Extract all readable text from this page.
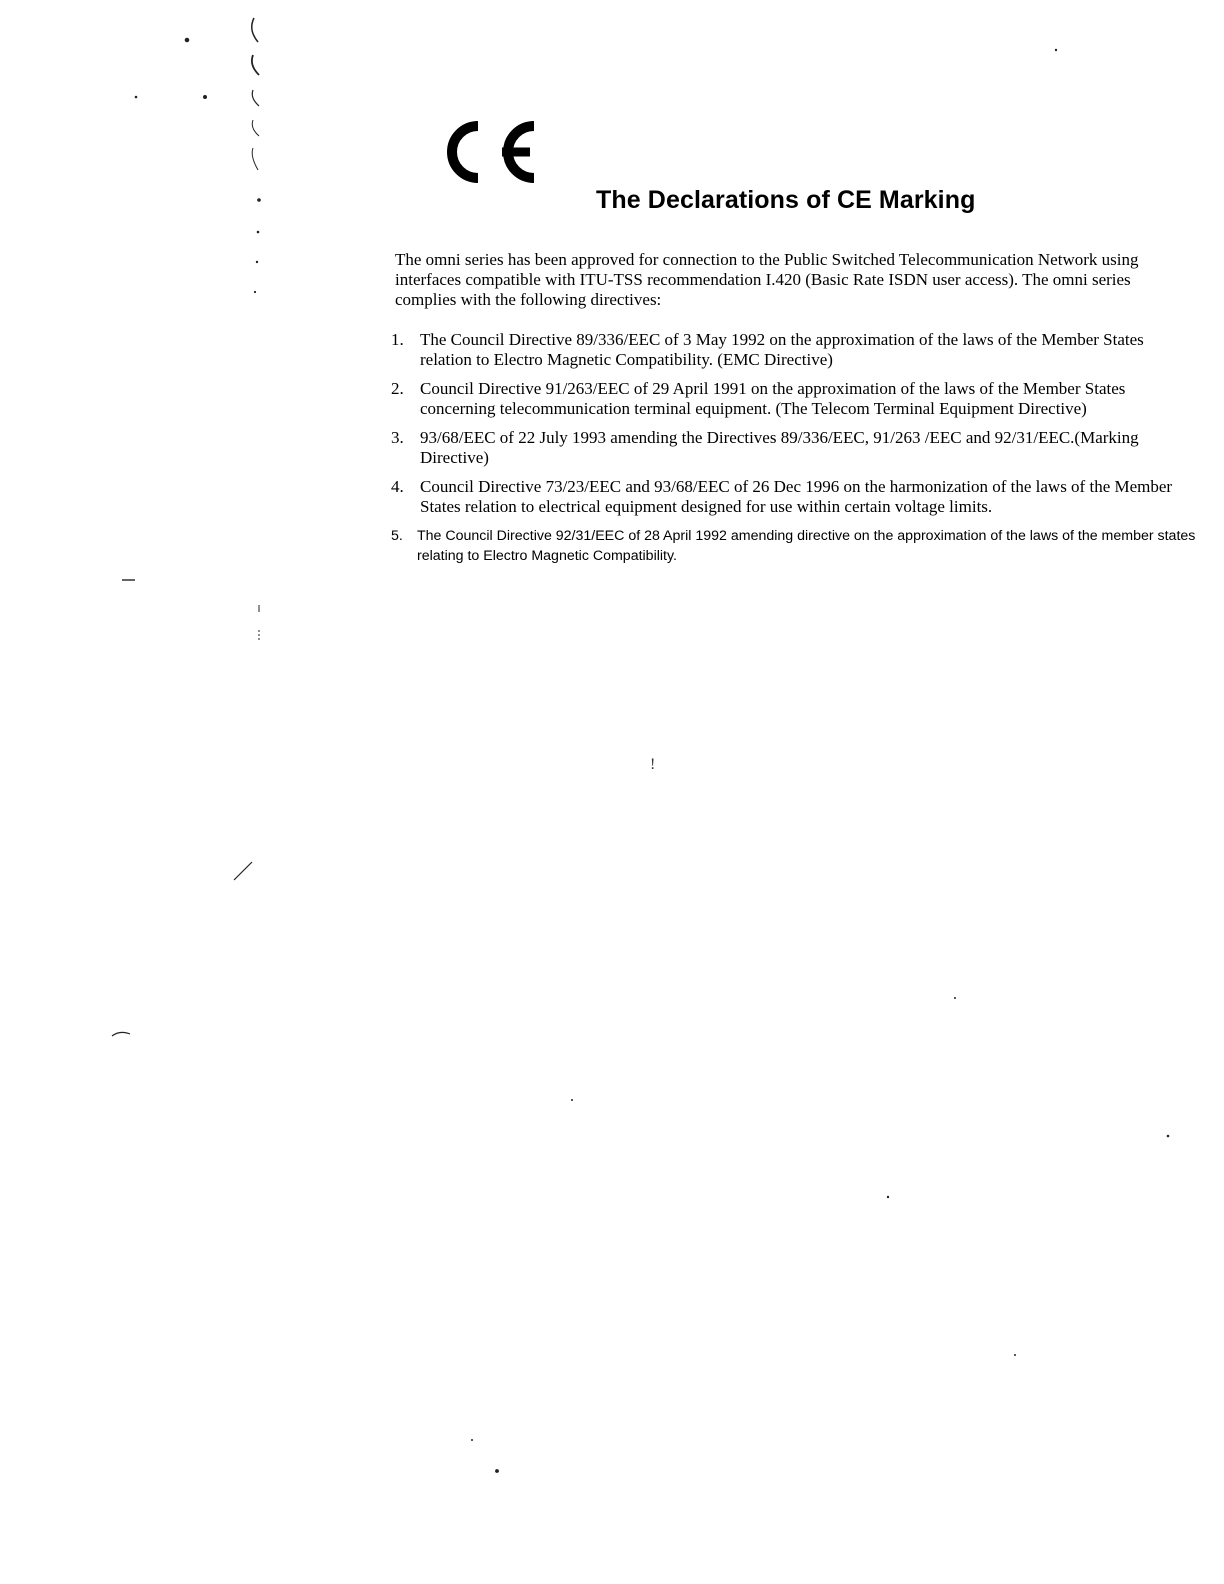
The Declarations of CE Marking

The omni series has been approved for connection to the Public Switched Telecommunication Network using interfaces compatible with ITU-TSS recommendation I.420 (Basic Rate ISDN user access). The omni series complies with the following directives:

1. The Council Directive 89/336/EEC of 3 May 1992 on the approximation of the laws of the Member States relation to Electro Magnetic Compatibility. (EMC Directive)
2. Council Directive 91/263/EEC of 29 April 1991 on the approximation of the laws of the Member States concerning telecommunication terminal equipment. (The Telecom Terminal Equipment Directive)
3. 93/68/EEC of 22 July 1993 amending the Directives 89/336/EEC, 91/263 /EEC and 92/31/EEC.(Marking Directive)
4. Council Directive 73/23/EEC and 93/68/EEC of 26 Dec 1996 on the harmonization of the laws of the Member States relation to electrical equipment designed for use within certain voltage limits.
5. The Council Directive 92/31/EEC of 28 April 1992 amending directive on the approximation of the laws of the member states relating to Electro Magnetic Compatibility.
ǃ
